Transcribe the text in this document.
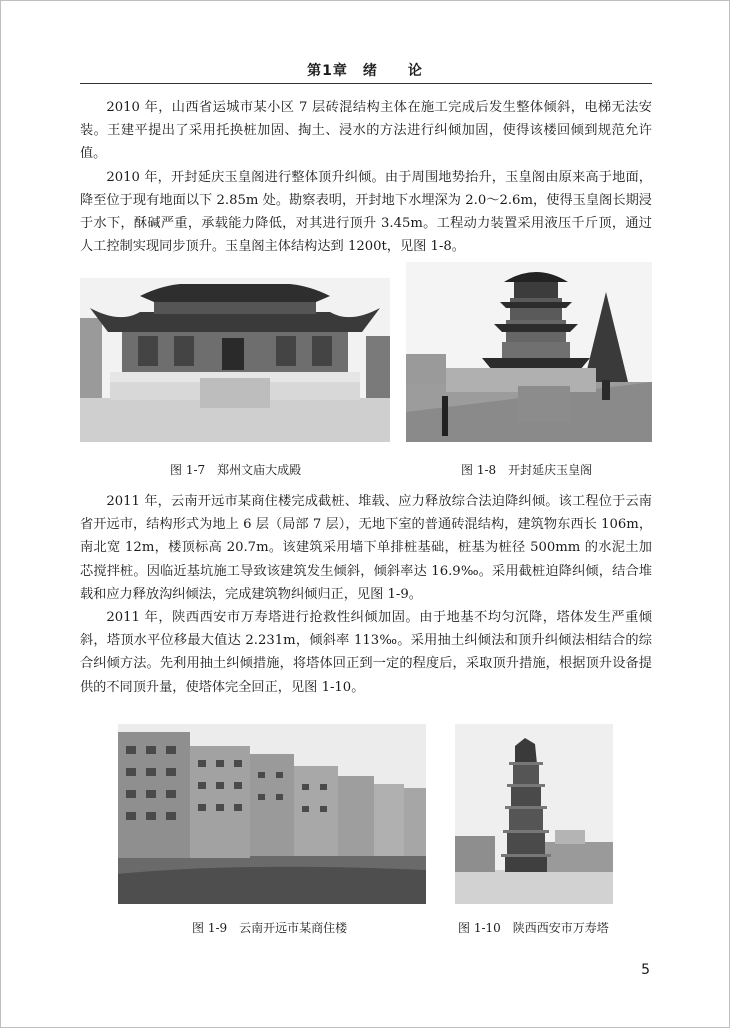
第1章　绪　　论

2010 年，山西省运城市某小区 7 层砖混结构主体在施工完成后发生整体倾斜，电梯无法安装。王建平提出了采用托换桩加固、掏土、浸水的方法进行纠倾加固，使得该楼回倾到规范允许值。

2010 年，开封延庆玉皇阁进行整体顶升纠倾。由于周围地势抬升，玉皇阁由原来高于地面，降至位于现有地面以下 2.85m 处。勘察表明，开封地下水埋深为 2.0～2.6m，使得玉皇阁长期浸于水下，酥碱严重，承载能力降低，对其进行顶升 3.45m。工程动力装置采用液压千斤顶，通过人工控制实现同步顶升。玉皇阁主体结构达到 1200t，见图 1-8。

图 1-7　郑州文庙大成殿	图 1-8　开封延庆玉皇阁

2011 年，云南开远市某商住楼完成截桩、堆载、应力释放综合法迫降纠倾。该工程位于云南省开远市，结构形式为地上 6 层（局部 7 层），无地下室的普通砖混结构，建筑物东西长 106m，南北宽 12m，楼顶标高 20.7m。该建筑采用墙下单排桩基础，桩基为桩径 500mm 的水泥土加芯搅拌桩。因临近基坑施工导致该建筑发生倾斜，倾斜率达 16.9‰。采用截桩迫降纠倾，结合堆载和应力释放沟纠倾法，完成建筑物纠倾归正，见图 1-9。

2011 年，陕西西安市万寿塔进行抢救性纠倾加固。由于地基不均匀沉降，塔体发生严重倾斜，塔顶水平位移最大值达 2.231m，倾斜率 113‰。采用抽土纠倾法和顶升纠倾法相结合的综合纠倾方法。先利用抽土纠倾措施，将塔体回正到一定的程度后，采取顶升措施，根据顶升设备提供的不同顶升量，使塔体完全回正，见图 1-10。

图 1-9　云南开远市某商住楼	图 1-10　陕西西安市万寿塔
5
